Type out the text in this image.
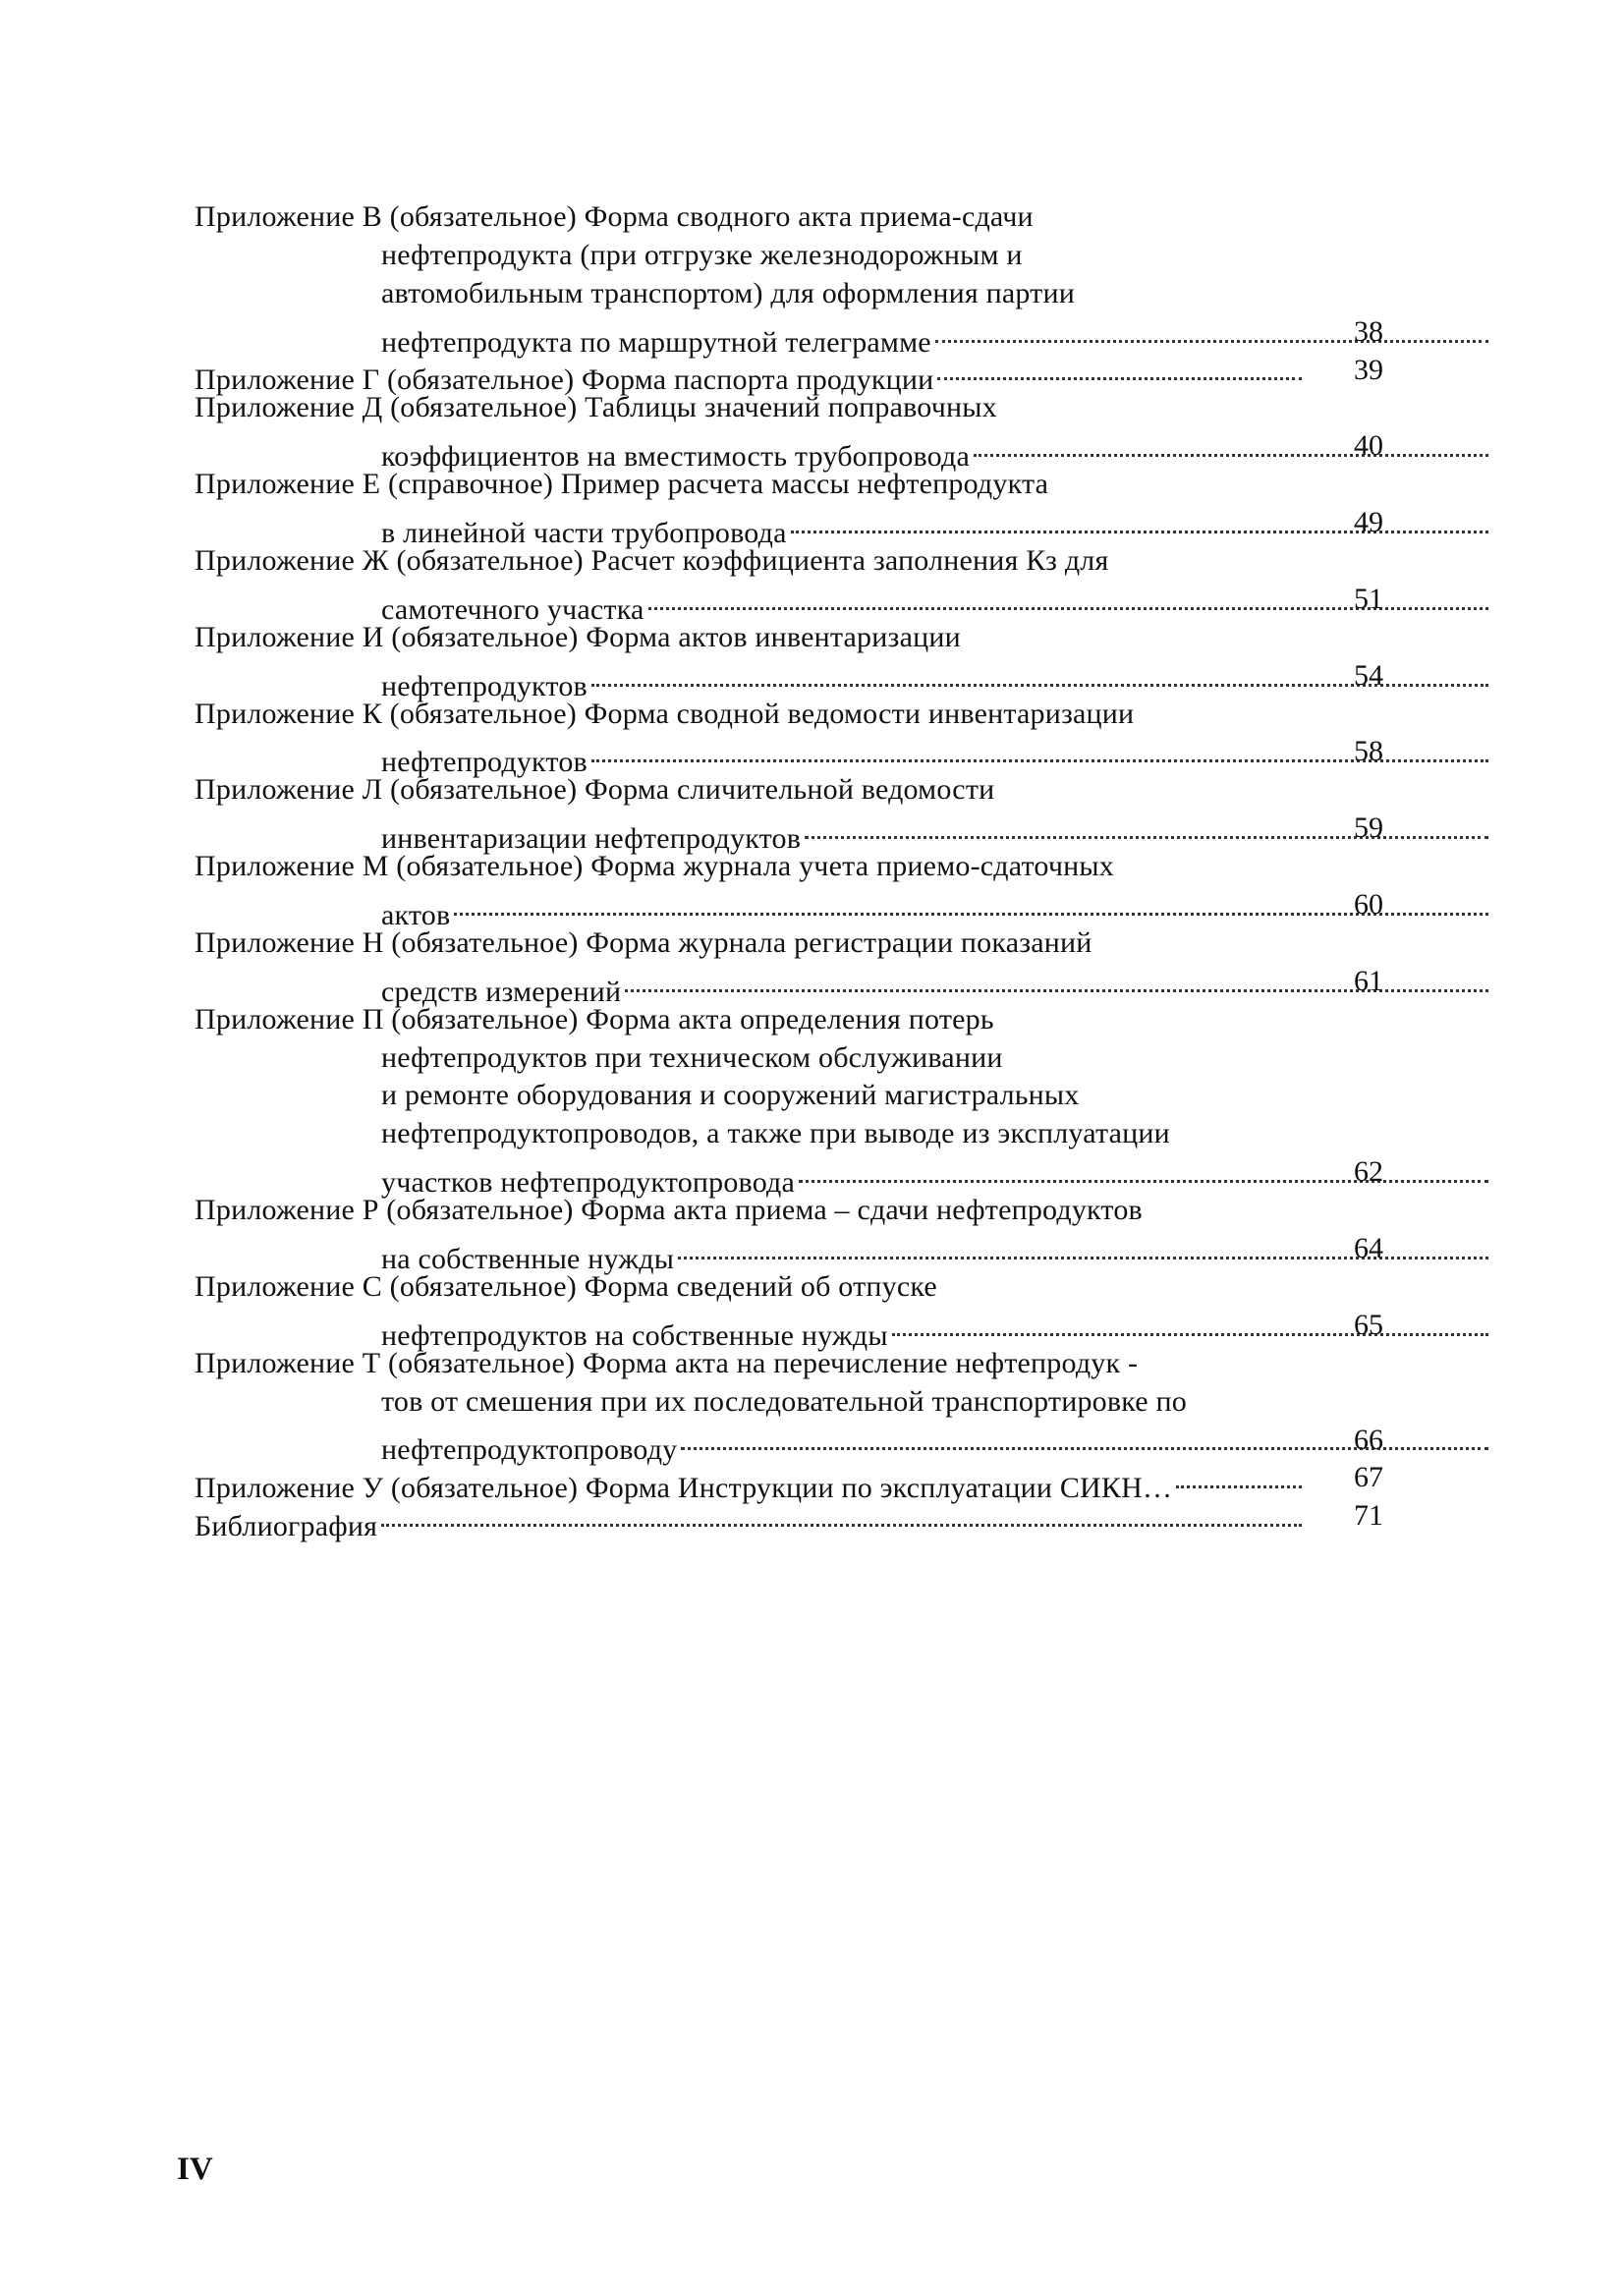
Приложение В (обязательное) Форма сводного акта приема-сдачи
нефтепродукта (при отгрузке железнодорожным и
автомобильным транспортом) для оформления партии
нефтепродукта по маршрутной телеграмме	38
Приложение Г (обязательное) Форма паспорта продукции	39
Приложение Д (обязательное) Таблицы значений поправочных
коэффициентов на вместимость трубопровода	40
Приложение Е (справочное) Пример расчета массы нефтепродукта
в линейной части трубопровода	49
Приложение Ж (обязательное) Расчет коэффициента заполнения Кз для
самотечного участка	51
Приложение И (обязательное) Форма актов инвентаризации
нефтепродуктов	54
Приложение К (обязательное) Форма сводной ведомости инвентаризации
нефтепродуктов	58
Приложение Л (обязательное) Форма сличительной ведомости
инвентаризации нефтепродуктов	59
Приложение М (обязательное) Форма журнала учета приемо-сдаточных
актов	60
Приложение Н (обязательное) Форма журнала регистрации показаний
средств измерений	61
Приложение П (обязательное) Форма акта определения потерь
нефтепродуктов при техническом обслуживании
и ремонте оборудования и сооружений магистральных
нефтепродуктопроводов, а также при выводе из эксплуатации
участков нефтепродуктопровода	62
Приложение Р (обязательное) Форма акта приема – сдачи нефтепродуктов
на собственные нужды	64
Приложение С (обязательное) Форма сведений об отпуске
нефтепродуктов на собственные нужды	65
Приложение Т (обязательное) Форма акта на перечисление нефтепродук -
тов от смешения при их последовательной транспортировке по
нефтепродуктопроводу	66
Приложение У (обязательное) Форма Инструкции по эксплуатации СИКН…	67
Библиография	71
IV
